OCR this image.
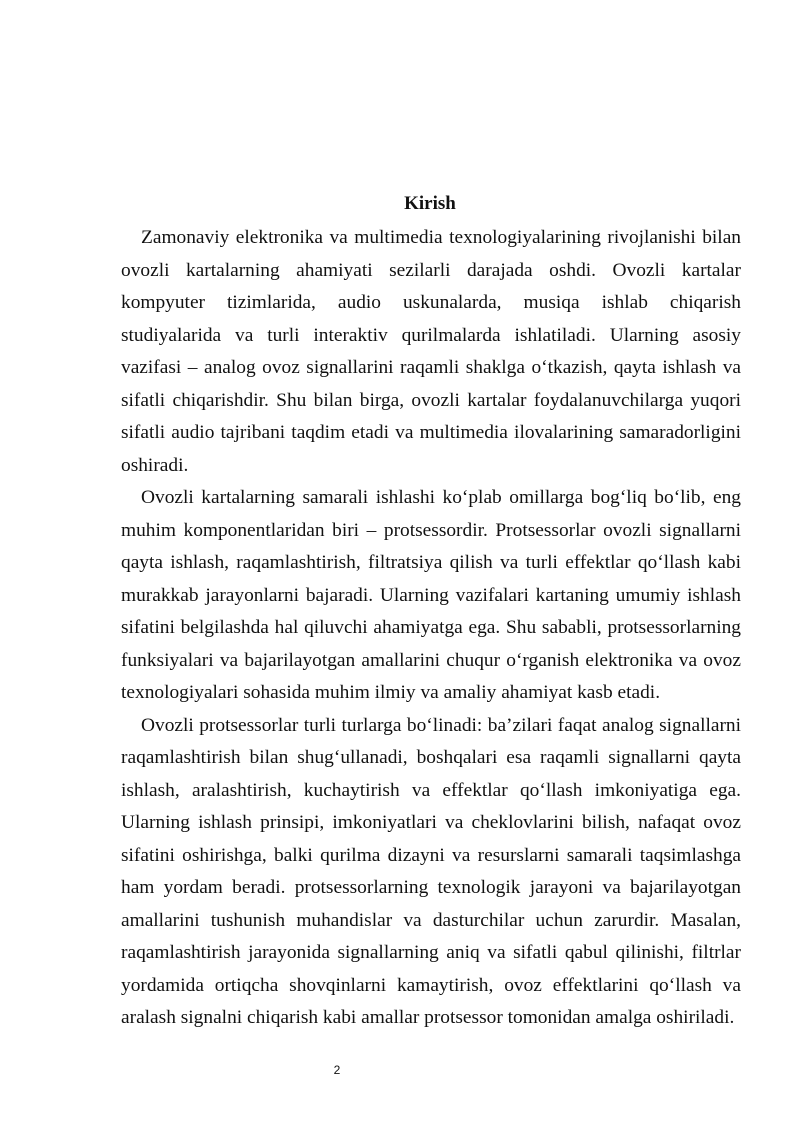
Kirish

Zamonaviy elektronika va multimedia texnologiyalarining rivojlanishi bilan ovozli kartalarning ahamiyati sezilarli darajada oshdi. Ovozli kartalar kompyuter tizimlarida, audio uskunalarda, musiqa ishlab chiqarish studiyalarida va turli interaktiv qurilmalarda ishlatiladi. Ularning asosiy vazifasi – analog ovoz signallarini raqamli shaklga o‘tkazish, qayta ishlash va sifatli chiqarishdir. Shu bilan birga, ovozli kartalar foydalanuvchilarga yuqori sifatli audio tajribani taqdim etadi va multimedia ilovalarining samaradorligini oshiradi.

Ovozli kartalarning samarali ishlashi ko‘plab omillarga bog‘liq bo‘lib, eng muhim komponentlaridan biri – protsessordir. Protsessorlar ovozli signallarni qayta ishlash, raqamlashtirish, filtratsiya qilish va turli effektlar qo‘llash kabi murakkab jarayonlarni bajaradi. Ularning vazifalari kartaning umumiy ishlash sifatini belgilashda hal qiluvchi ahamiyatga ega. Shu sababli, protsessorlarning funksiyalari va bajarilayotgan amallarini chuqur o‘rganish elektronika va ovoz texnologiyalari sohasida muhim ilmiy va amaliy ahamiyat kasb etadi.

Ovozli protsessorlar turli turlarga bo‘linadi: ba’zilari faqat analog signallarni raqamlashtirish bilan shug‘ullanadi, boshqalari esa raqamli signallarni qayta ishlash, aralashtirish, kuchaytirish va effektlar qo‘llash imkoniyatiga ega. Ularning ishlash prinsipi, imkoniyatlari va cheklovlarini bilish, nafaqat ovoz sifatini oshirishga, balki qurilma dizayni va resurslarni samarali taqsimlashga ham yordam beradi. protsessorlarning texnologik jarayoni va bajarilayotgan amallarini tushunish muhandislar va dasturchilar uchun zarurdir. Masalan, raqamlashtirish jarayonida signallarning aniq va sifatli qabul qilinishi, filtrlar yordamida ortiqcha shovqinlarni kamaytirish, ovoz effektlarini qo‘llash va aralash signalni chiqarish kabi amallar protsessor tomonidan amalga oshiriladi.

2
